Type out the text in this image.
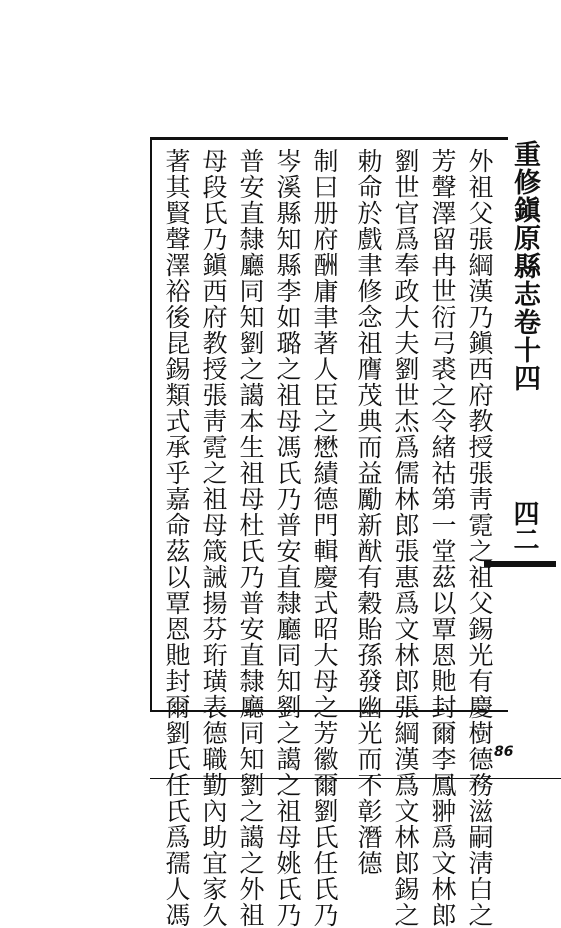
重修鎭原縣志卷十四
四二
外祖父張綱漢乃鎭西府教授張靑霓之祖父錫光有慶樹德務滋嗣淸白之
芳聲澤留冉世衍弓裘之令緒祜第一堂茲以覃恩貤封爾李鳳翀爲文林郎
劉世官爲奉政大夫劉世杰爲儒林郎張惠爲文林郎張綱漢爲文林郎錫之
勅命於戲聿修念祖膺茂典而益勵新猷有穀貽孫發幽光而不彰潛德
制曰册府酬庸聿著人臣之懋績德門輯慶式昭大母之芳徽爾劉氏任氏乃
岑溪縣知縣李如璐之祖母馮氏乃普安直隸廳同知劉之譪之祖母姚氏乃
普安直隸廳同知劉之譪本生祖母杜氏乃普安直隸廳同知劉之譪之外祖
母段氏乃鎭西府教授張靑霓之祖母箴誡揚芬珩璜表德職勤內助宜家久
著其賢聲澤裕後昆錫類式承乎嘉命茲以覃恩貤封爾劉氏任氏爲孺人馮	86
